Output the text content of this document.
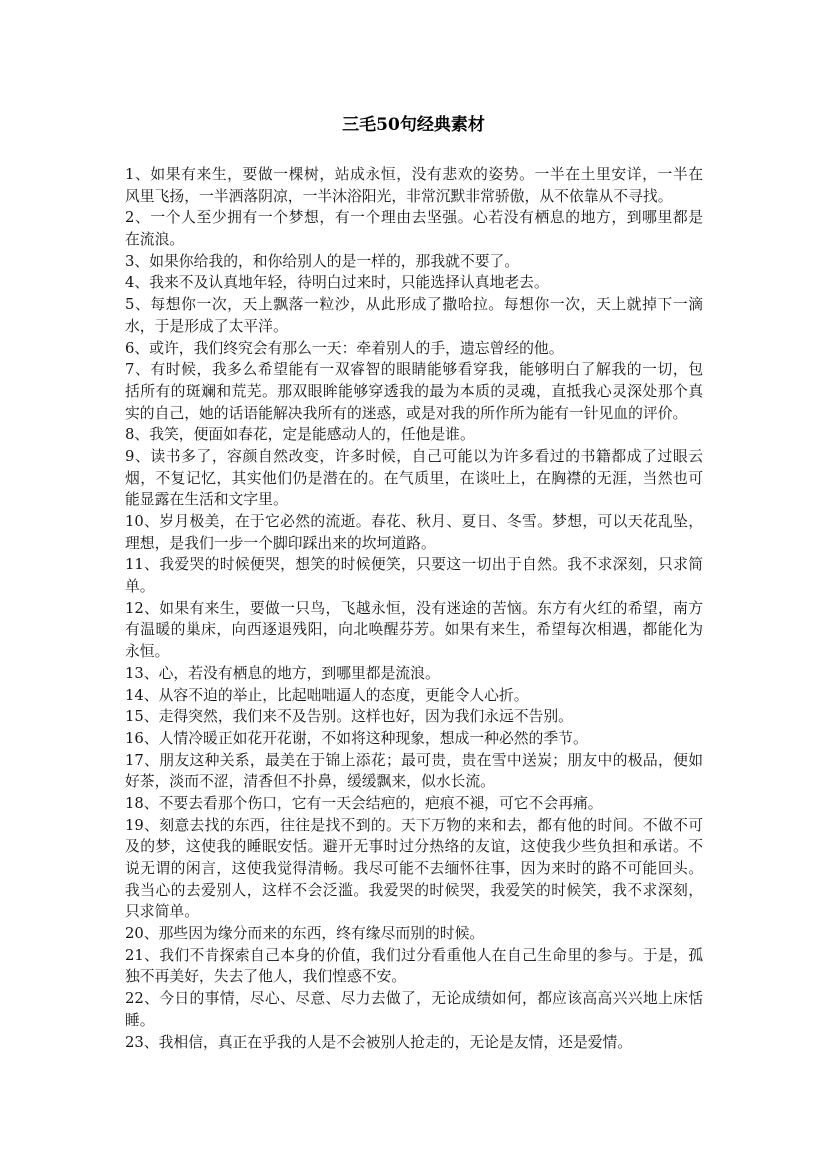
三毛50句经典素材
1、如果有来生，要做一棵树，站成永恒，没有悲欢的姿势。一半在土里安详，一半在
风里飞扬，一半洒落阴凉，一半沐浴阳光，非常沉默非常骄傲，从不依靠从不寻找。
2、一个人至少拥有一个梦想，有一个理由去坚强。心若没有栖息的地方，到哪里都是
在流浪。
3、如果你给我的，和你给别人的是一样的，那我就不要了。
4、我来不及认真地年轻，待明白过来时，只能选择认真地老去。
5、每想你一次，天上飘落一粒沙，从此形成了撒哈拉。每想你一次，天上就掉下一滴
水，于是形成了太平洋。
6、或许，我们终究会有那么一天：牵着别人的手，遗忘曾经的他。
7、有时候，我多么希望能有一双睿智的眼睛能够看穿我，能够明白了解我的一切，包
括所有的斑斓和荒芜。那双眼眸能够穿透我的最为本质的灵魂，直抵我心灵深处那个真
实的自己，她的话语能解决我所有的迷惑，或是对我的所作所为能有一针见血的评价。
8、我笑，便面如春花，定是能感动人的，任他是谁。
9、读书多了，容颜自然改变，许多时候，自己可能以为许多看过的书籍都成了过眼云
烟，不复记忆，其实他们仍是潜在的。在气质里，在谈吐上，在胸襟的无涯，当然也可
能显露在生活和文字里。
10、岁月极美，在于它必然的流逝。春花、秋月、夏日、冬雪。梦想，可以天花乱坠，
理想，是我们一步一个脚印踩出来的坎坷道路。
11、我爱哭的时候便哭，想笑的时候便笑，只要这一切出于自然。我不求深刻，只求简
单。
12、如果有来生，要做一只鸟，飞越永恒，没有迷途的苦恼。东方有火红的希望，南方
有温暖的巢床，向西逐退残阳，向北唤醒芬芳。如果有来生，希望每次相遇，都能化为
永恒。
13、心，若没有栖息的地方，到哪里都是流浪。
14、从容不迫的举止，比起咄咄逼人的态度，更能令人心折。
15、走得突然，我们来不及告别。这样也好，因为我们永远不告别。
16、人情冷暖正如花开花谢，不如将这种现象，想成一种必然的季节。
17、朋友这种关系，最美在于锦上添花；最可贵，贵在雪中送炭；朋友中的极品，便如
好茶，淡而不涩，清香但不扑鼻，缓缓飘来，似水长流。
18、不要去看那个伤口，它有一天会结疤的，疤痕不褪，可它不会再痛。
19、刻意去找的东西，往往是找不到的。天下万物的来和去，都有他的时间。不做不可
及的梦，这使我的睡眠安恬。避开无事时过分热络的友谊，这使我少些负担和承诺。不
说无谓的闲言，这使我觉得清畅。我尽可能不去缅怀往事，因为来时的路不可能回头。
我当心的去爱别人，这样不会泛滥。我爱哭的时候哭，我爱笑的时候笑，我不求深刻，
只求简单。
20、那些因为缘分而来的东西，终有缘尽而别的时候。
21、我们不肯探索自己本身的价值，我们过分看重他人在自己生命里的参与。于是，孤
独不再美好，失去了他人，我们惶惑不安。
22、今日的事情，尽心、尽意、尽力去做了，无论成绩如何，都应该高高兴兴地上床恬
睡。
23、我相信，真正在乎我的人是不会被别人抢走的，无论是友情，还是爱情。
